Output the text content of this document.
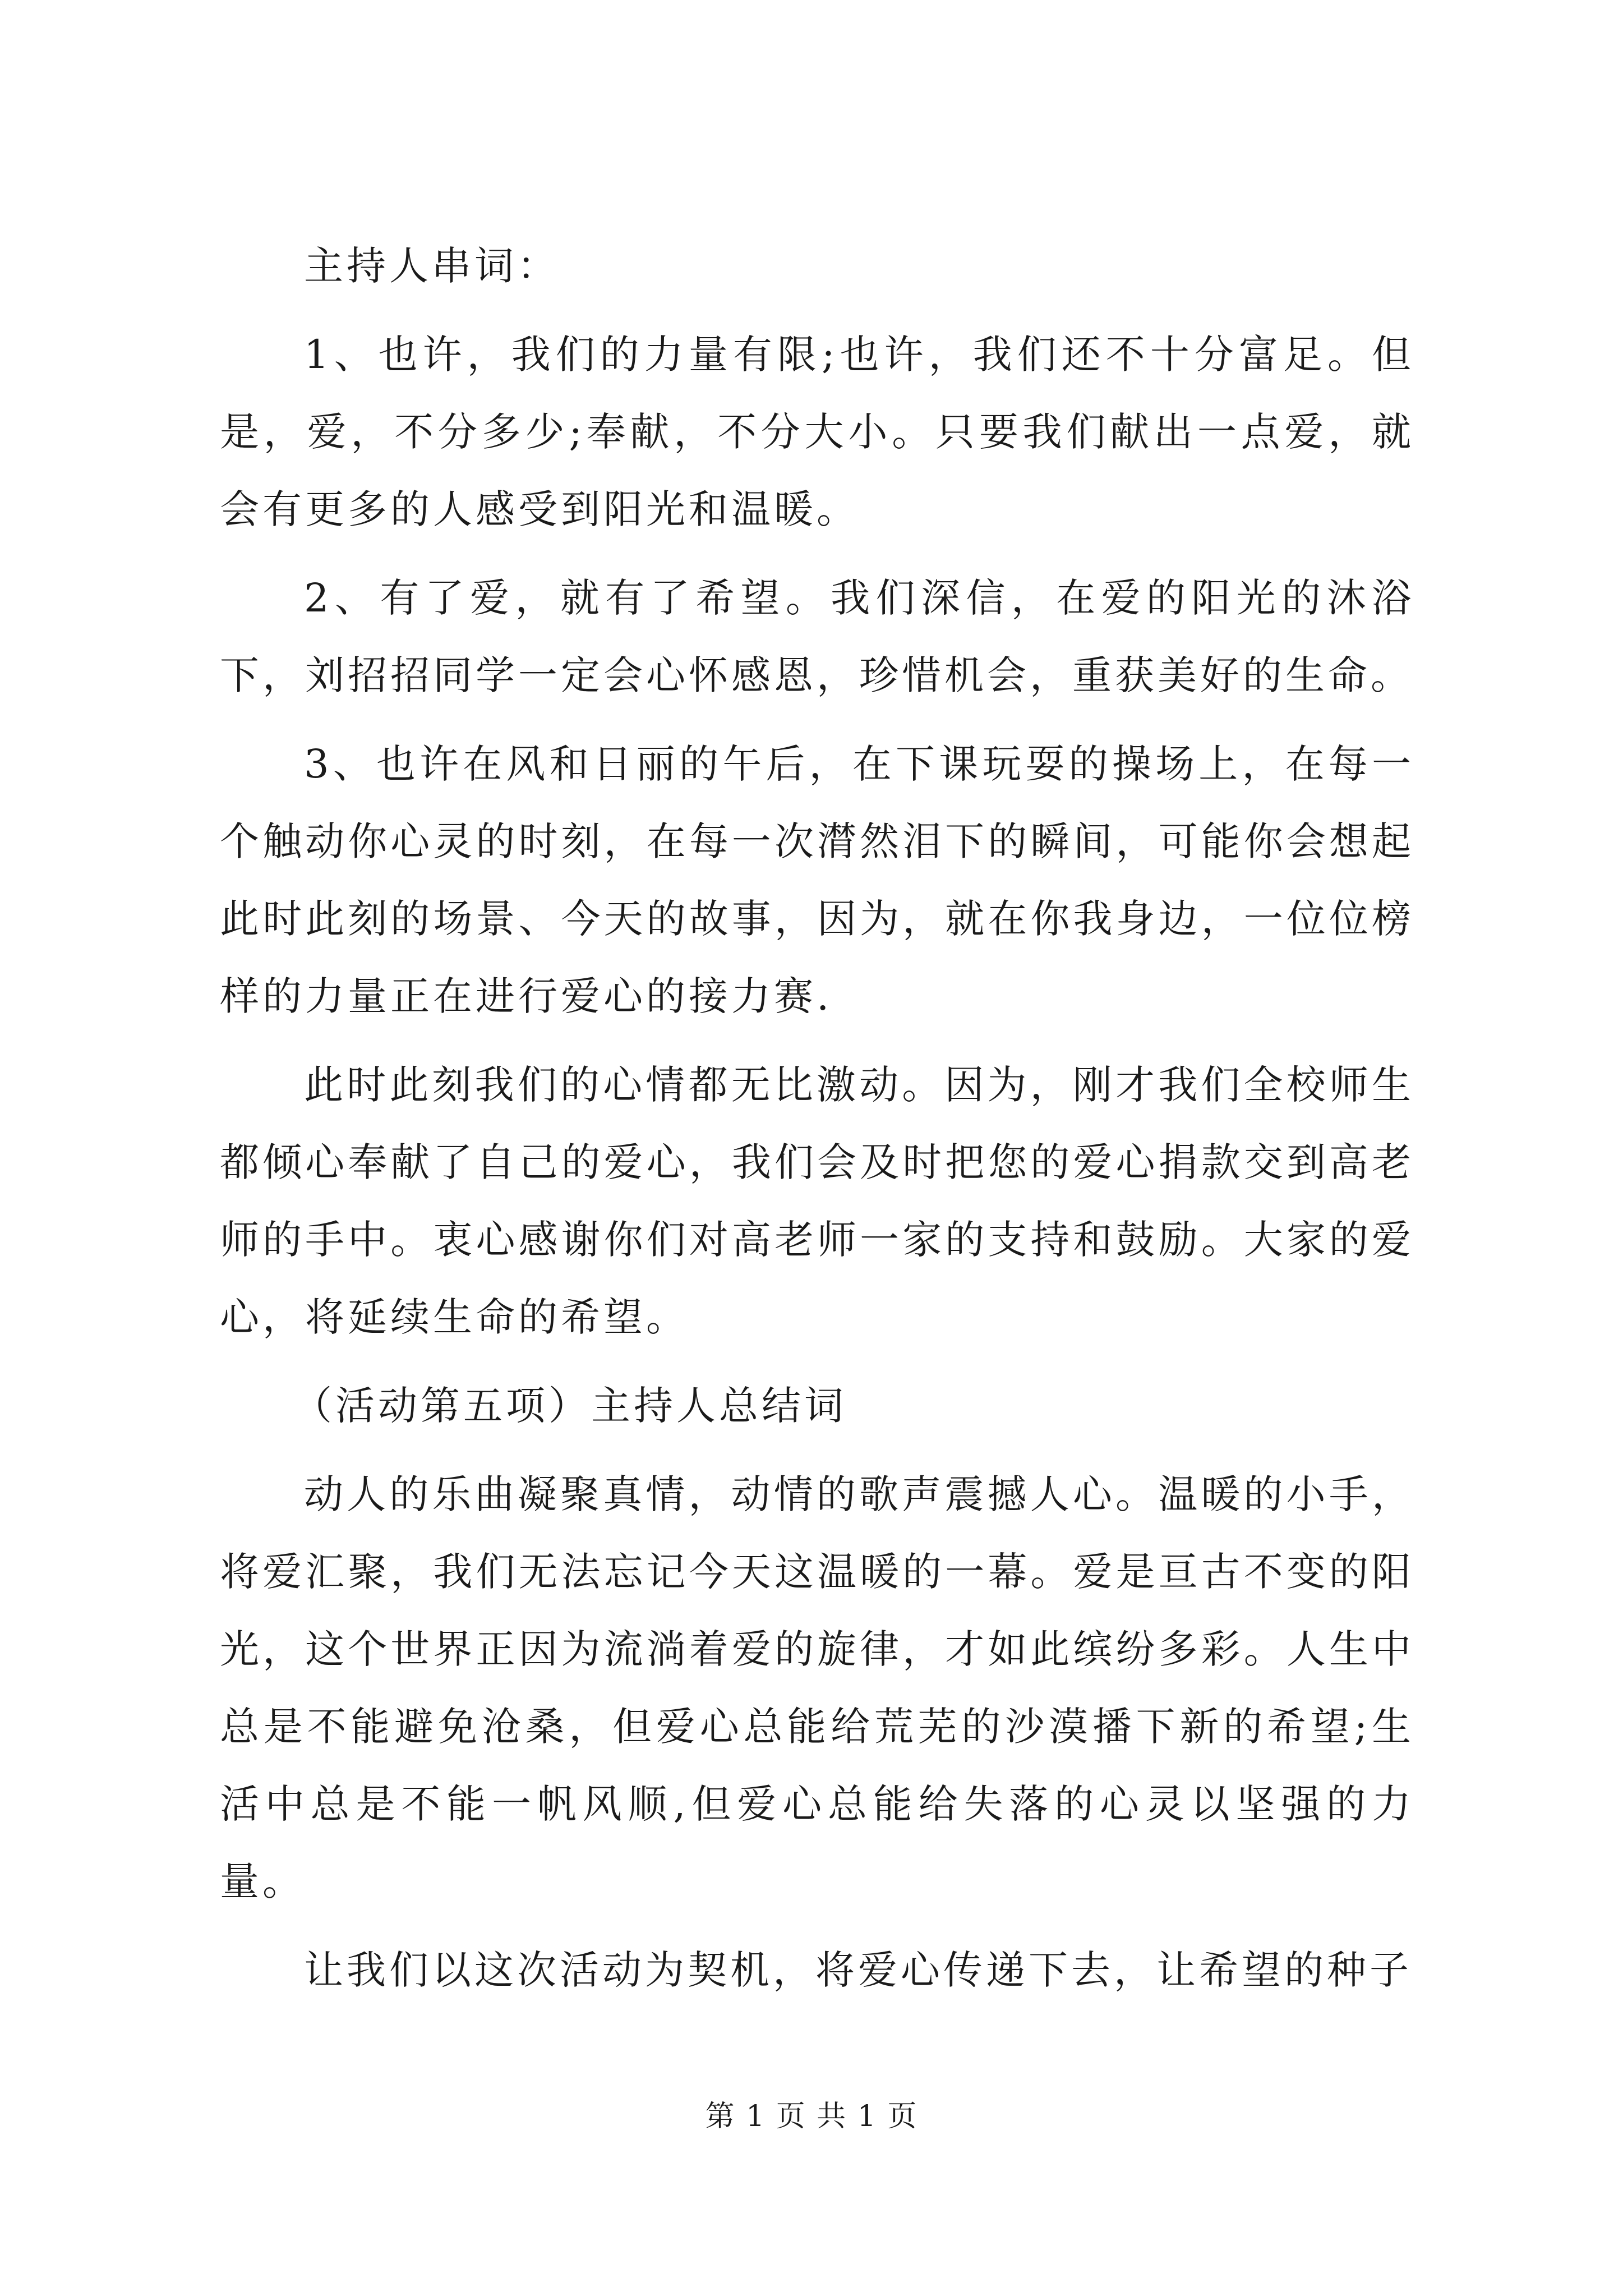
主持人串词：

1、也许，我们的力量有限;也许，我们还不十分富足。但是，爱，不分多少;奉献，不分大小。只要我们献出一点爱，就会有更多的人感受到阳光和温暖。

2、有了爱，就有了希望。我们深信，在爱的阳光的沐浴下，刘招招同学一定会心怀感恩，珍惜机会，重获美好的生命。

3、也许在风和日丽的午后，在下课玩耍的操场上，在每一个触动你心灵的时刻，在每一次潸然泪下的瞬间，可能你会想起此时此刻的场景、今天的故事，因为，就在你我身边，一位位榜样的力量正在进行爱心的接力赛.

此时此刻我们的心情都无比激动。因为，刚才我们全校师生都倾心奉献了自己的爱心，我们会及时把您的爱心捐款交到高老师的手中。衷心感谢你们对高老师一家的支持和鼓励。大家的爱心，将延续生命的希望。

（活动第五项）主持人总结词

动人的乐曲凝聚真情，动情的歌声震撼人心。温暖的小手，将爱汇聚，我们无法忘记今天这温暖的一幕。爱是亘古不变的阳光，这个世界正因为流淌着爱的旋律，才如此缤纷多彩。人生中总是不能避免沧桑，但爱心总能给荒芜的沙漠播下新的希望;生活中总是不能一帆风顺,但爱心总能给失落的心灵以坚强的力量。

让我们以这次活动为契机，将爱心传递下去，让希望的种子

第 1 页 共 1 页
